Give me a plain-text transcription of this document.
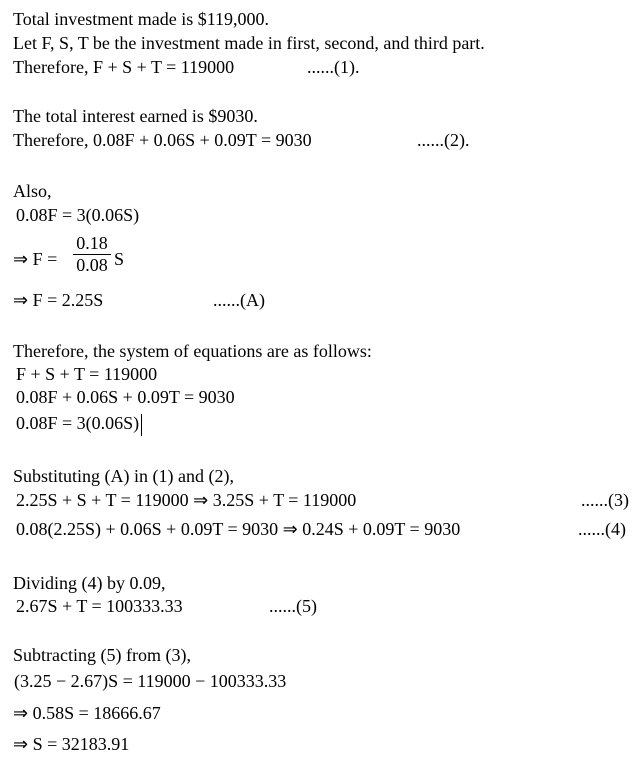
Total investment made is $119,000.
Let F, S, T be the investment made in first, second, and third part.
Therefore, F + S + T = 119000	......(1).
The total interest earned is $9030.
Therefore, 0.08F + 0.06S + 0.09T = 9030	......(2).
Also,
0.08F = 3(0.06S)
⇒ F =
0.18
0.08 S
⇒ F = 2.25S	......(A)
Therefore, the system of equations are as follows:
F + S + T = 119000
0.08F + 0.06S + 0.09T = 9030
0.08F = 3(0.06S)
Substituting (A) in (1) and (2),
2.25S + S + T = 119000 ⇒ 3.25S + T = 119000	......(3)
0.08(2.25S) + 0.06S + 0.09T = 9030 ⇒ 0.24S + 0.09T = 9030	......(4)
Dividing (4) by 0.09,
2.67S + T = 100333.33	......(5)
Subtracting (5) from (3),
(3.25 − 2.67)S = 119000 − 100333.33
⇒ 0.58S = 18666.67
⇒ S = 32183.91
